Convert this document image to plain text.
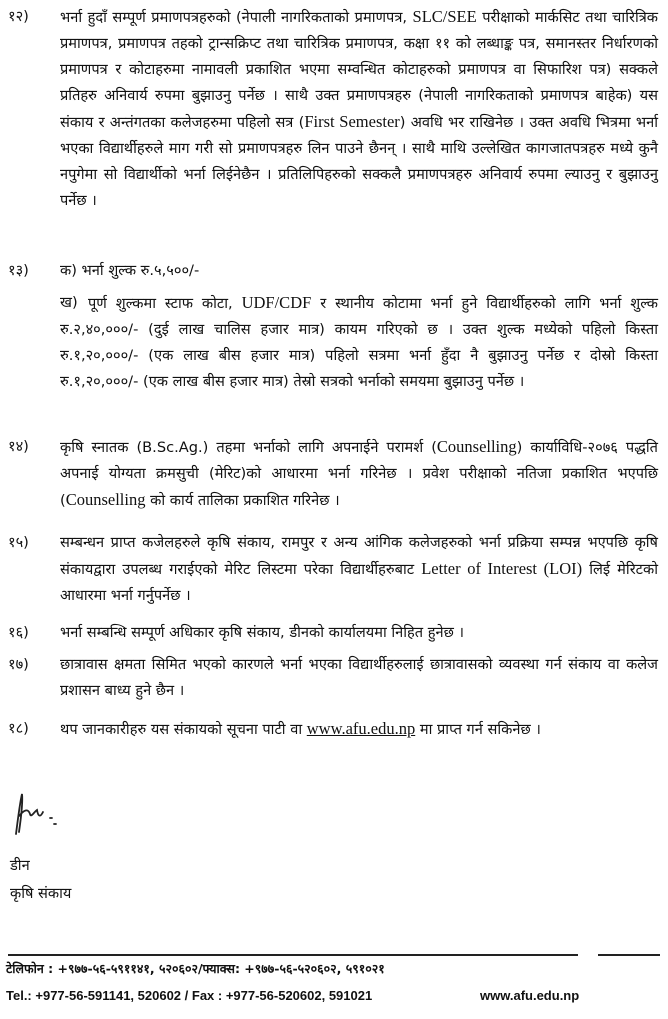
१२)	भर्ना हुदाँ सम्पूर्ण प्रमाणपत्रहरुको (नेपाली नागरिकताको प्रमाणपत्र, SLC/SEE परीक्षाको मार्कसिट तथा चारित्रिक प्रमाणपत्र, प्रमाणपत्र तहको ट्रान्सक्रिप्ट तथा चारित्रिक प्रमाणपत्र, कक्षा ११ को लब्धाङ्क पत्र, समानस्तर निर्धारणको प्रमाणपत्र र कोटाहरुमा नामावली प्रकाशित भएमा सम्वन्धित कोटाहरुको प्रमाणपत्र वा सिफारिश पत्र) सक्कले प्रतिहरु अनिवार्य रुपमा बुझाउनु पर्नेछ । साथै उक्त प्रमाणपत्रहरु (नेपाली नागरिकताको प्रमाणपत्र बाहेक) यस संकाय र अन्तंगतका कलेजहरुमा पहिलो सत्र (First Semester) अवधि भर राखिनेछ । उक्त अवधि भित्रमा भर्ना भएका विद्यार्थीहरुले माग गरी सो प्रमाणपत्रहरु लिन पाउने छैनन् । साथै माथि उल्लेखित कागजातपत्रहरु मध्ये कुनै नपुगेमा सो विद्यार्थीको भर्ना लिईनेछैन । प्रतिलिपिहरुको सक्कलै प्रमाणपत्रहरु अनिवार्य रुपमा ल्याउनु र बुझाउनु पर्नेछ ।
१३)	क) भर्ना शुल्क रु.५,५००/-
ख) पूर्ण शुल्कमा स्टाफ कोटा, UDF/CDF र स्थानीय कोटामा भर्ना हुने विद्यार्थीहरुको लागि भर्ना शुल्क रु.२,४०,०००/- (दुई लाख चालिस हजार मात्र) कायम गरिएको छ । उक्त शुल्क मध्येको पहिलो किस्ता रु.१,२०,०००/- (एक लाख बीस हजार मात्र) पहिलो सत्रमा भर्ना हुँदा नै बुझाउनु पर्नेछ र दोस्रो किस्ता रु.१,२०,०००/- (एक लाख बीस हजार मात्र) तेस्रो सत्रको भर्नाको समयमा बुझाउनु पर्नेछ ।
१४)	कृषि स्नातक (B.Sc.Ag.) तहमा भर्नाको लागि अपनाईने परामर्श (Counselling) कार्याविधि-२०७६ पद्धति अपनाई योग्यता क्रमसुची (मेरिट)को आधारमा भर्ना गरिनेछ । प्रवेश परीक्षाको नतिजा प्रकाशित भएपछि (Counselling को कार्य तालिका प्रकाशित गरिनेछ ।
१५)	सम्बन्धन प्राप्त कजेलहरुले कृषि संकाय, रामपुर र अन्य आंगिक कलेजहरुको भर्ना प्रक्रिया सम्पन्न भएपछि कृषि संकायद्वारा उपलब्ध गराईएको मेरिट लिस्टमा परेका विद्यार्थीहरुबाट Letter of Interest (LOI) लिई मेरिटको आधारमा भर्ना गर्नुपर्नेछ ।
१६)	भर्ना सम्बन्धि सम्पूर्ण अधिकार कृषि संकाय, डीनको कार्यालयमा निहित हुनेछ ।
१७)	छात्रावास क्षमता सिमित भएको कारणले भर्ना भएका विद्यार्थीहरुलाई छात्रावासको व्यवस्था गर्न संकाय वा कलेज प्रशासन बाध्य हुने छैन ।
१८)	थप जानकारीहरु यस संकायको सूचना पाटी वा www.afu.edu.np मा प्राप्त गर्न सकिनेछ ।
डीन
कृषि संकाय
टेलिफोन : +९७७-५६-५९११४१, ५२०६०२/फ्याक्स: +९७७-५६-५२०६०२, ५९१०२१
Tel.: +977-56-591141, 520602 / Fax : +977-56-520602, 591021	www.afu.edu.np
